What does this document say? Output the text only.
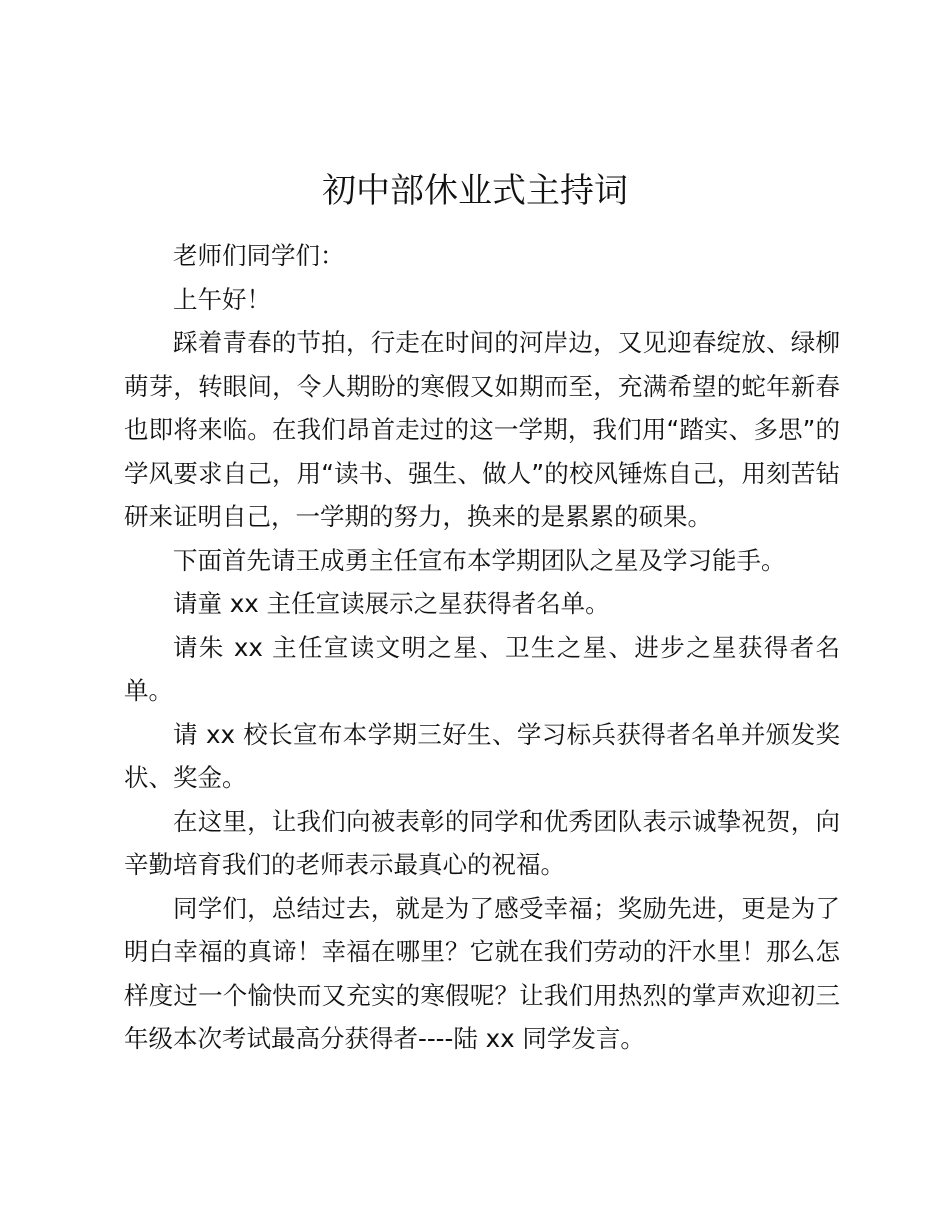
初中部休业式主持词

老师们同学们：

上午好！

踩着青春的节拍，行走在时间的河岸边，又见迎春绽放、绿柳萌芽，转眼间，令人期盼的寒假又如期而至，充满希望的蛇年新春也即将来临。在我们昂首走过的这一学期，我们用“踏实、多思”的学风要求自己，用“读书、强生、做人”的校风锤炼自己，用刻苦钻研来证明自己，一学期的努力，换来的是累累的硕果。

下面首先请王成勇主任宣布本学期团队之星及学习能手。

请童 xx 主任宣读展示之星获得者名单。

请朱 xx 主任宣读文明之星、卫生之星、进步之星获得者名单。

请 xx 校长宣布本学期三好生、学习标兵获得者名单并颁发奖状、奖金。

在这里，让我们向被表彰的同学和优秀团队表示诚挚祝贺，向辛勤培育我们的老师表示最真心的祝福。

同学们，总结过去，就是为了感受幸福；奖励先进，更是为了明白幸福的真谛！幸福在哪里？它就在我们劳动的汗水里！那么怎样度过一个愉快而又充实的寒假呢？让我们用热烈的掌声欢迎初三年级本次考试最高分获得者----陆 xx 同学发言。
